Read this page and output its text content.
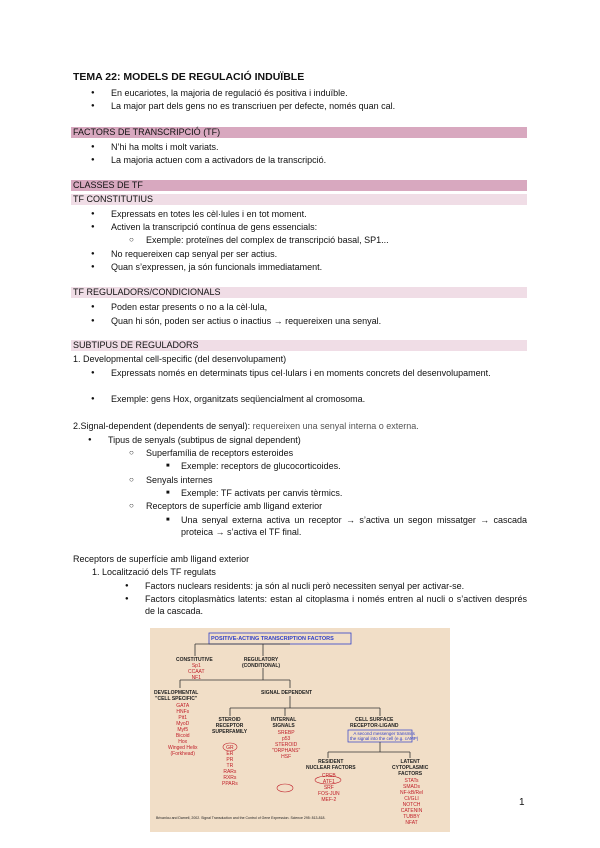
TEMA 22: MODELS DE REGULACIÓ INDUÏBLE
● En eucariotes, la majoria de regulació és positiva i induïble.
● La major part dels gens no es transcriuen per defecte, només quan cal.
FACTORS DE TRANSCRIPCIÓ (TF)
● N’hi ha molts i molt variats.
● La majoria actuen com a activadors de la transcripció.
CLASSES DE TF
TF CONSTITUTIUS
● Expressats en totes les cèl·lules i en tot moment.
● Activen la transcripció contínua de gens essencials:
○ Exemple: proteïnes del complex de transcripció basal, SP1...
● No requereixen cap senyal per ser actius.
● Quan s’expressen, ja són funcionals immediatament.
TF REGULADORS/CONDICIONALS
● Poden estar presents o no a la cèl·lula,
● Quan hi són, poden ser actius o inactius → requereixen una senyal.
SUBTIPUS DE REGULADORS
1. Developmental cell-specific (del desenvolupament)
● Expressats només en determinats tipus cel·lulars i en moments concrets del desenvolupament.
● Exemple: gens Hox, organitzats seqüencialment al cromosoma.
2.Signal-dependent (dependents de senyal): requereixen una senyal interna o externa.
● Tipus de senyals (subtipus de signal dependent)
○ Superfamília de receptors esteroides
■ Exemple: receptors de glucocorticoides.
○ Senyals internes
■ Exemple: TF activats per canvis tèrmics.
○ Receptors de superfície amb lligand exterior
■ Una senyal externa activa un receptor → s’activa un segon missatger → cascada proteica → s’activa el TF final.
Receptors de superfície amb lligand exterior
1. Localització dels TF regulats
● Factors nuclears residents: ja són al nucli però necessiten senyal per activar-se.
● Factors citoplasmàtics latents: estan al citoplasma i només entren al nucli o s’activen després de la cascada.
POSITIVE-ACTING TRANSCRIPTION FACTORS
CONSTITUTIVE
Sp1
CCAAT
NF1
REGULATORY
(CONDITIONAL)
DEVELOPMENTAL
"CELL SPECIFIC"
GATA
HNFs
Pit1
MyoD
Myf5
Bicoid
Hox
Winged Helix
(Forkhead)
SIGNAL DEPENDENT
STEROID
RECEPTOR
SUPERFAMILY
GR
ER
PR
TR
RARs
RXRs
PPARs
INTERNAL
SIGNALS
SREBP
p53
STEROID
"ORPHANS"
HSF
CELL SURFACE
RECEPTOR-LIGAND
A second messenger transmits
the signal into the cell (e.g. cAMP)
RESIDENT
NUCLEAR FACTORS
CREB
ATF1
SRF
FOS-JUN
MEF-2
LATENT
CYTOPLASMIC
FACTORS
STATs
SMADs
NF-kB/Rel
CI/GLI
NOTCH
CATENIN
TUBBY
NFAT
Brivanlou and Darnell, 2002. Signal Transduction and the Control of Gene Expression. Science 295: 813-818.
1
